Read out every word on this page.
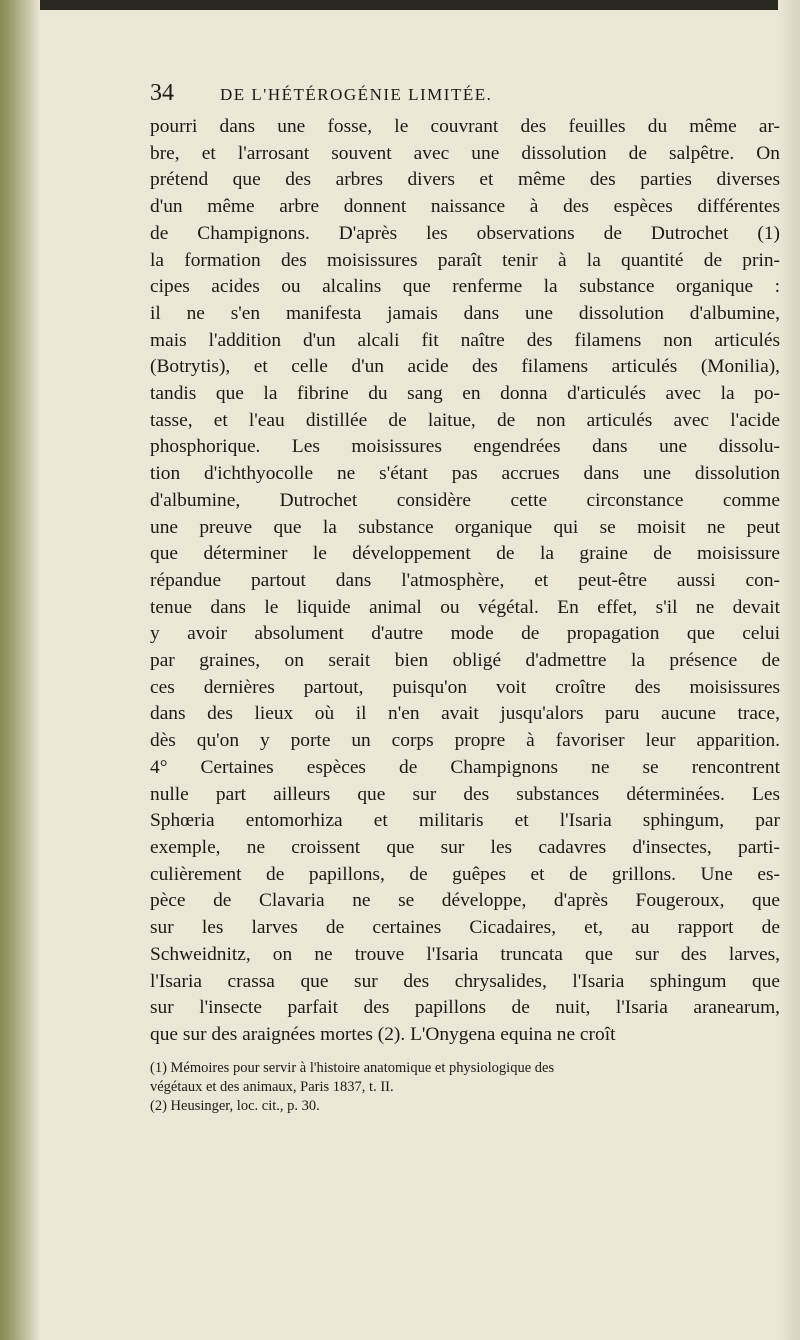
34	DE L'HÉTÉROGÉNIE LIMITÉE.
pourri dans une fosse, le couvrant des feuilles du même ar-
bre, et l'arrosant souvent avec une dissolution de salpêtre. On
prétend que des arbres divers et même des parties diverses
d'un même arbre donnent naissance à des espèces différentes
de Champignons. D'après les observations de Dutrochet (1)
la formation des moisissures paraît tenir à la quantité de prin-
cipes acides ou alcalins que renferme la substance organique :
il ne s'en manifesta jamais dans une dissolution d'albumine,
mais l'addition d'un alcali fit naître des filamens non articulés
(Botrytis), et celle d'un acide des filamens articulés (Monilia),
tandis que la fibrine du sang en donna d'articulés avec la po-
tasse, et l'eau distillée de laitue, de non articulés avec l'acide
phosphorique. Les moisissures engendrées dans une dissolu-
tion d'ichthyocolle ne s'étant pas accrues dans une dissolution
d'albumine, Dutrochet considère cette circonstance comme
une preuve que la substance organique qui se moisit ne peut
que déterminer le développement de la graine de moisissure
répandue partout dans l'atmosphère, et peut-être aussi con-
tenue dans le liquide animal ou végétal. En effet, s'il ne devait
y avoir absolument d'autre mode de propagation que celui
par graines, on serait bien obligé d'admettre la présence de
ces dernières partout, puisqu'on voit croître des moisissures
dans des lieux où il n'en avait jusqu'alors paru aucune trace,
dès qu'on y porte un corps propre à favoriser leur apparition.
4° Certaines espèces de Champignons ne se rencontrent
nulle part ailleurs que sur des substances déterminées. Les
Sphœria entomorhiza et militaris et l'Isaria sphingum, par
exemple, ne croissent que sur les cadavres d'insectes, parti-
culièrement de papillons, de guêpes et de grillons. Une es-
pèce de Clavaria ne se développe, d'après Fougeroux, que
sur les larves de certaines Cicadaires, et, au rapport de
Schweidnitz, on ne trouve l'Isaria truncata que sur des larves,
l'Isaria crassa que sur des chrysalides, l'Isaria sphingum que
sur l'insecte parfait des papillons de nuit, l'Isaria aranearum,
que sur des araignées mortes (2). L'Onygena equina ne croît
(1) Mémoires pour servir à l'histoire anatomique et physiologique des
végétaux et des animaux, Paris 1837, t. II.
(2) Heusinger, loc. cit., p. 30.
